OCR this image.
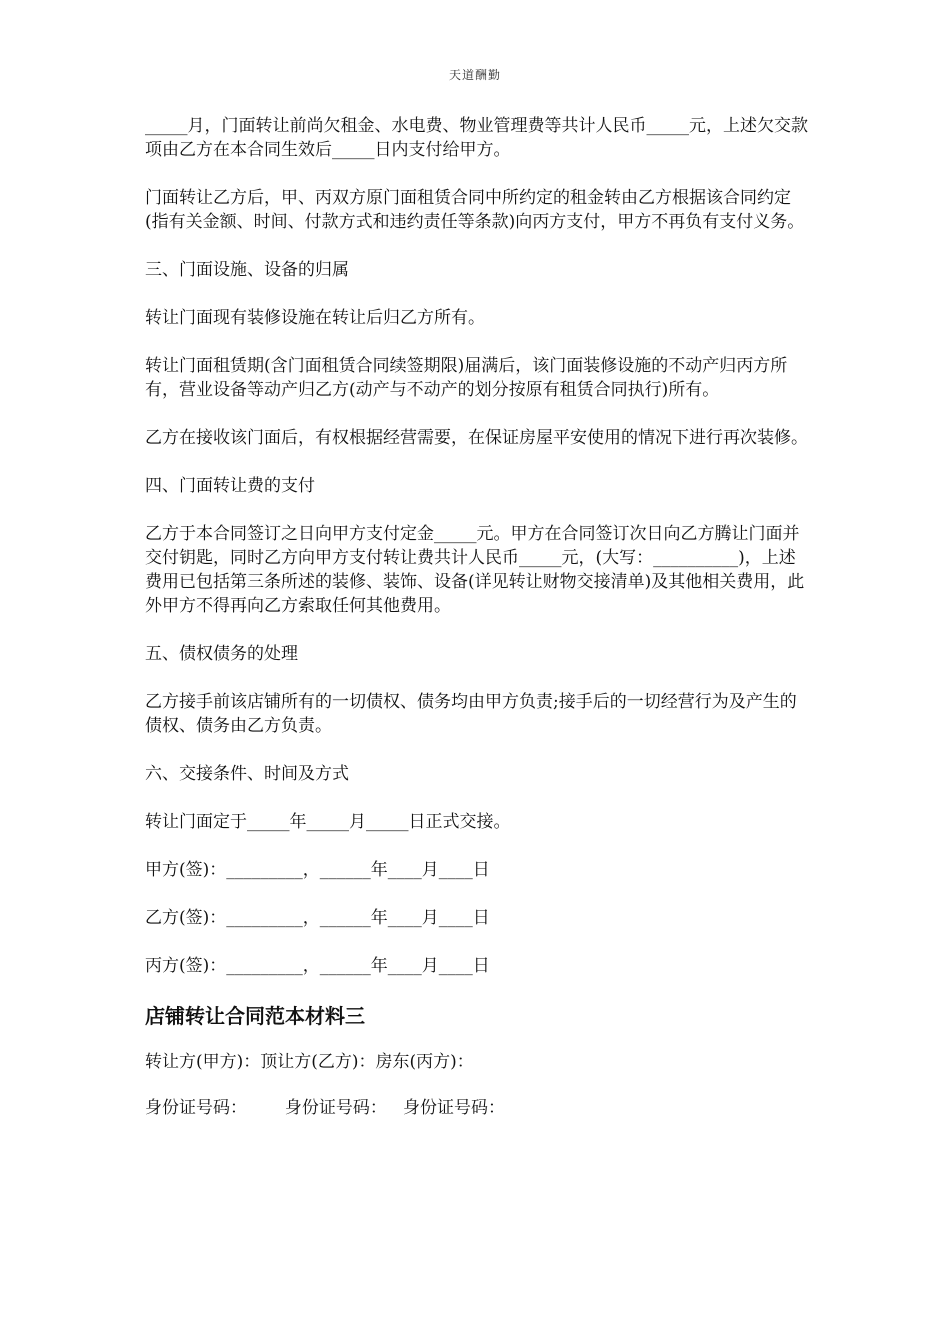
天道酬勤

_____月，门面转让前尚欠租金、水电费、物业管理费等共计人民币_____元，上述欠交款项由乙方在本合同生效后_____日内支付给甲方。

门面转让乙方后，甲、丙双方原门面租赁合同中所约定的租金转由乙方根据该合同约定(指有关金额、时间、付款方式和违约责任等条款)向丙方支付，甲方不再负有支付义务。

三、门面设施、设备的归属

转让门面现有装修设施在转让后归乙方所有。

转让门面租赁期(含门面租赁合同续签期限)届满后，该门面装修设施的不动产归丙方所有，营业设备等动产归乙方(动产与不动产的划分按原有租赁合同执行)所有。

乙方在接收该门面后，有权根据经营需要，在保证房屋平安使用的情况下进行再次装修。

四、门面转让费的支付

乙方于本合同签订之日向甲方支付定金_____元。甲方在合同签订次日向乙方腾让门面并交付钥匙，同时乙方向甲方支付转让费共计人民币_____元，(大写：__________)，上述费用已包括第三条所述的装修、装饰、设备(详见转让财物交接清单)及其他相关费用，此外甲方不得再向乙方索取任何其他费用。

五、债权债务的处理

乙方接手前该店铺所有的一切债权、债务均由甲方负责;接手后的一切经营行为及产生的债权、债务由乙方负责。

六、交接条件、时间及方式

转让门面定于_____年_____月_____日正式交接。

甲方(签)：_________，______年____月____日

乙方(签)：_________，______年____月____日

丙方(签)：_________，______年____月____日

店铺转让合同范本材料三

转让方(甲方)：顶让方(乙方)：房东(丙方)：

身份证号码：       身份证号码：   身份证号码：
